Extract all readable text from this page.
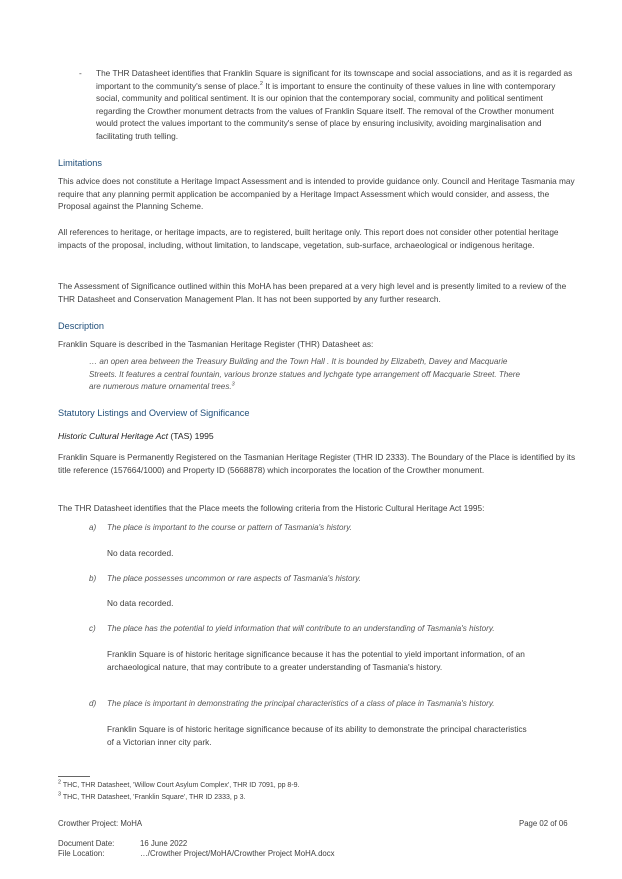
- The THR Datasheet identifies that Franklin Square is significant for its townscape and social associations, and as it is regarded as important to the community's sense of place.$^2$ It is important to ensure the continuity of these values in line with contemporary social, community and political sentiment. It is our opinion that the contemporary social, community and political sentiment regarding the Crowther monument detracts from the values of Franklin Square itself. The removal of the Crowther monument would protect the values important to the community's sense of place by ensuring inclusivity, avoiding marginalisation and facilitating truth telling.

Limitations

This advice does not constitute a Heritage Impact Assessment and is intended to provide guidance only. Council and Heritage Tasmania may require that any planning permit application be accompanied by a Heritage Impact Assessment which would consider, and assess, the Proposal against the Planning Scheme.

All references to heritage, or heritage impacts, are to registered, built heritage only. This report does not consider other potential heritage impacts of the proposal, including, without limitation, to landscape, vegetation, sub-surface, archaeological or indigenous heritage.

The Assessment of Significance outlined within this MoHA has been prepared at a very high level and is presently limited to a review of the THR Datasheet and Conservation Management Plan. It has not been supported by any further research.

Description

Franklin Square is described in the Tasmanian Heritage Register (THR) Datasheet as:

… an open area between the Treasury Building and the Town Hall . It is bounded by Elizabeth, Davey and Macquarie Streets. It features a central fountain, various bronze statues and lychgate type arrangement off Macquarie Street. There are numerous mature ornamental trees.$^3$

Statutory Listings and Overview of Significance
Historic Cultural Heritage Act (TAS) 1995

Franklin Square is Permanently Registered on the Tasmanian Heritage Register (THR ID 2333). The Boundary of the Place is identified by its title reference (157664/1000) and Property ID (5668878) which incorporates the location of the Crowther monument.

The THR Datasheet identifies that the Place meets the following criteria from the Historic Cultural Heritage Act 1995:

a) The place is important to the course or pattern of Tasmania's history.

No data recorded.

b) The place possesses uncommon or rare aspects of Tasmania's history.

No data recorded.

c) The place has the potential to yield information that will contribute to an understanding of Tasmania's history.

Franklin Square is of historic heritage significance because it has the potential to yield important information, of an archaeological nature, that may contribute to a greater understanding of Tasmania's history.

d) The place is important in demonstrating the principal characteristics of a class of place in Tasmania's history.

Franklin Square is of historic heritage significance because of its ability to demonstrate the principal characteristics of a Victorian inner city park.

$^2$ THC, THR Datasheet, 'Willow Court Asylum Complex', THR ID 7091, pp 8-9.

$^3$ THC, THR Datasheet, 'Franklin Square', THR ID 2333, p 3.

Crowther Project: MoHA	Page 02 of 06
Document Date:	16 June 2022
File Location:	…/Crowther Project/MoHA/Crowther Project MoHA.docx
